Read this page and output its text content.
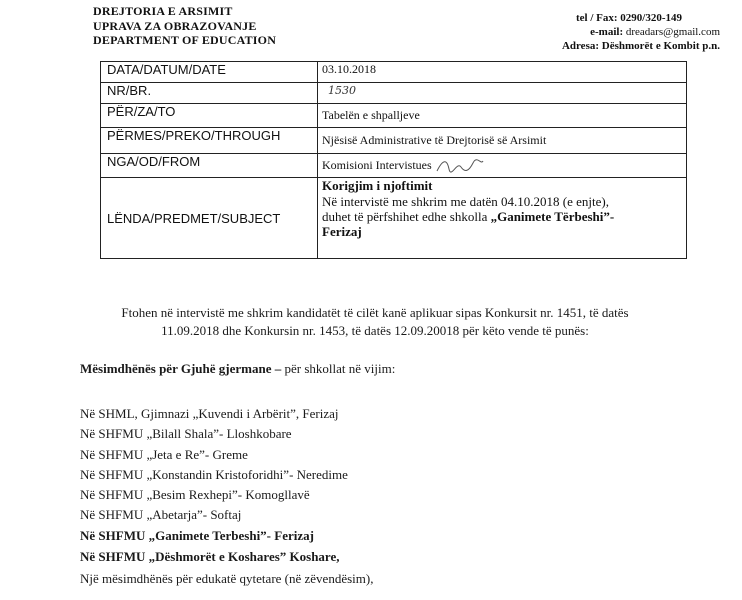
DREJTORIA E ARSIMIT
UPRAVA ZA OBRAZOVANJE
DEPARTMENT OF EDUCATION
tel / Fax: 0290/320-149
e-mail: dreadars@gmail.com
Adresa: Dëshmorët e Kombit p.n.
DATA/DATUM/DATE	03.10.2018
NR/BR.	1530
PËR/ZA/TO	Tabelën e shpalljeve
PËRMES/PREKO/THROUGH	Njësisë Administrative të Drejtorisë së Arsimit
NGA/OD/FROM	Komisioni Intervistues
LËNDA/PREDMET/SUBJECT	Korigjim i njoftimit
Në intervistë me shkrim me datën 04.10.2018 (e enjte),
duhet të përfshihet edhe shkolla „Ganimete Tërbeshi”-
Ferizaj
Ftohen në intervistë me shkrim kandidatët të cilët kanë aplikuar sipas Konkursit nr. 1451, të datës
11.09.2018 dhe Konkursin nr. 1453, të datës 12.09.20018 për këto vende të punës:
Mësimdhënës për Gjuhë gjermane – për shkollat në vijim:
Në SHML, Gjimnazi „Kuvendi i Arbërit”, Ferizaj
Në SHFMU „Bilall Shala”- Lloshkobare
Në SHFMU „Jeta e Re”- Greme
Në SHFMU „Konstandin Kristoforidhi”- Neredime
Në SHFMU „Besim Rexhepi”- Komogllavë
Në SHFMU „Abetarja”- Softaj
Në SHFMU „Ganimete Terbeshi”- Ferizaj
Në SHFMU „Dëshmorët e Koshares” Koshare,
Një mësimdhënës për edukatë qytetare (në zëvendësim),
